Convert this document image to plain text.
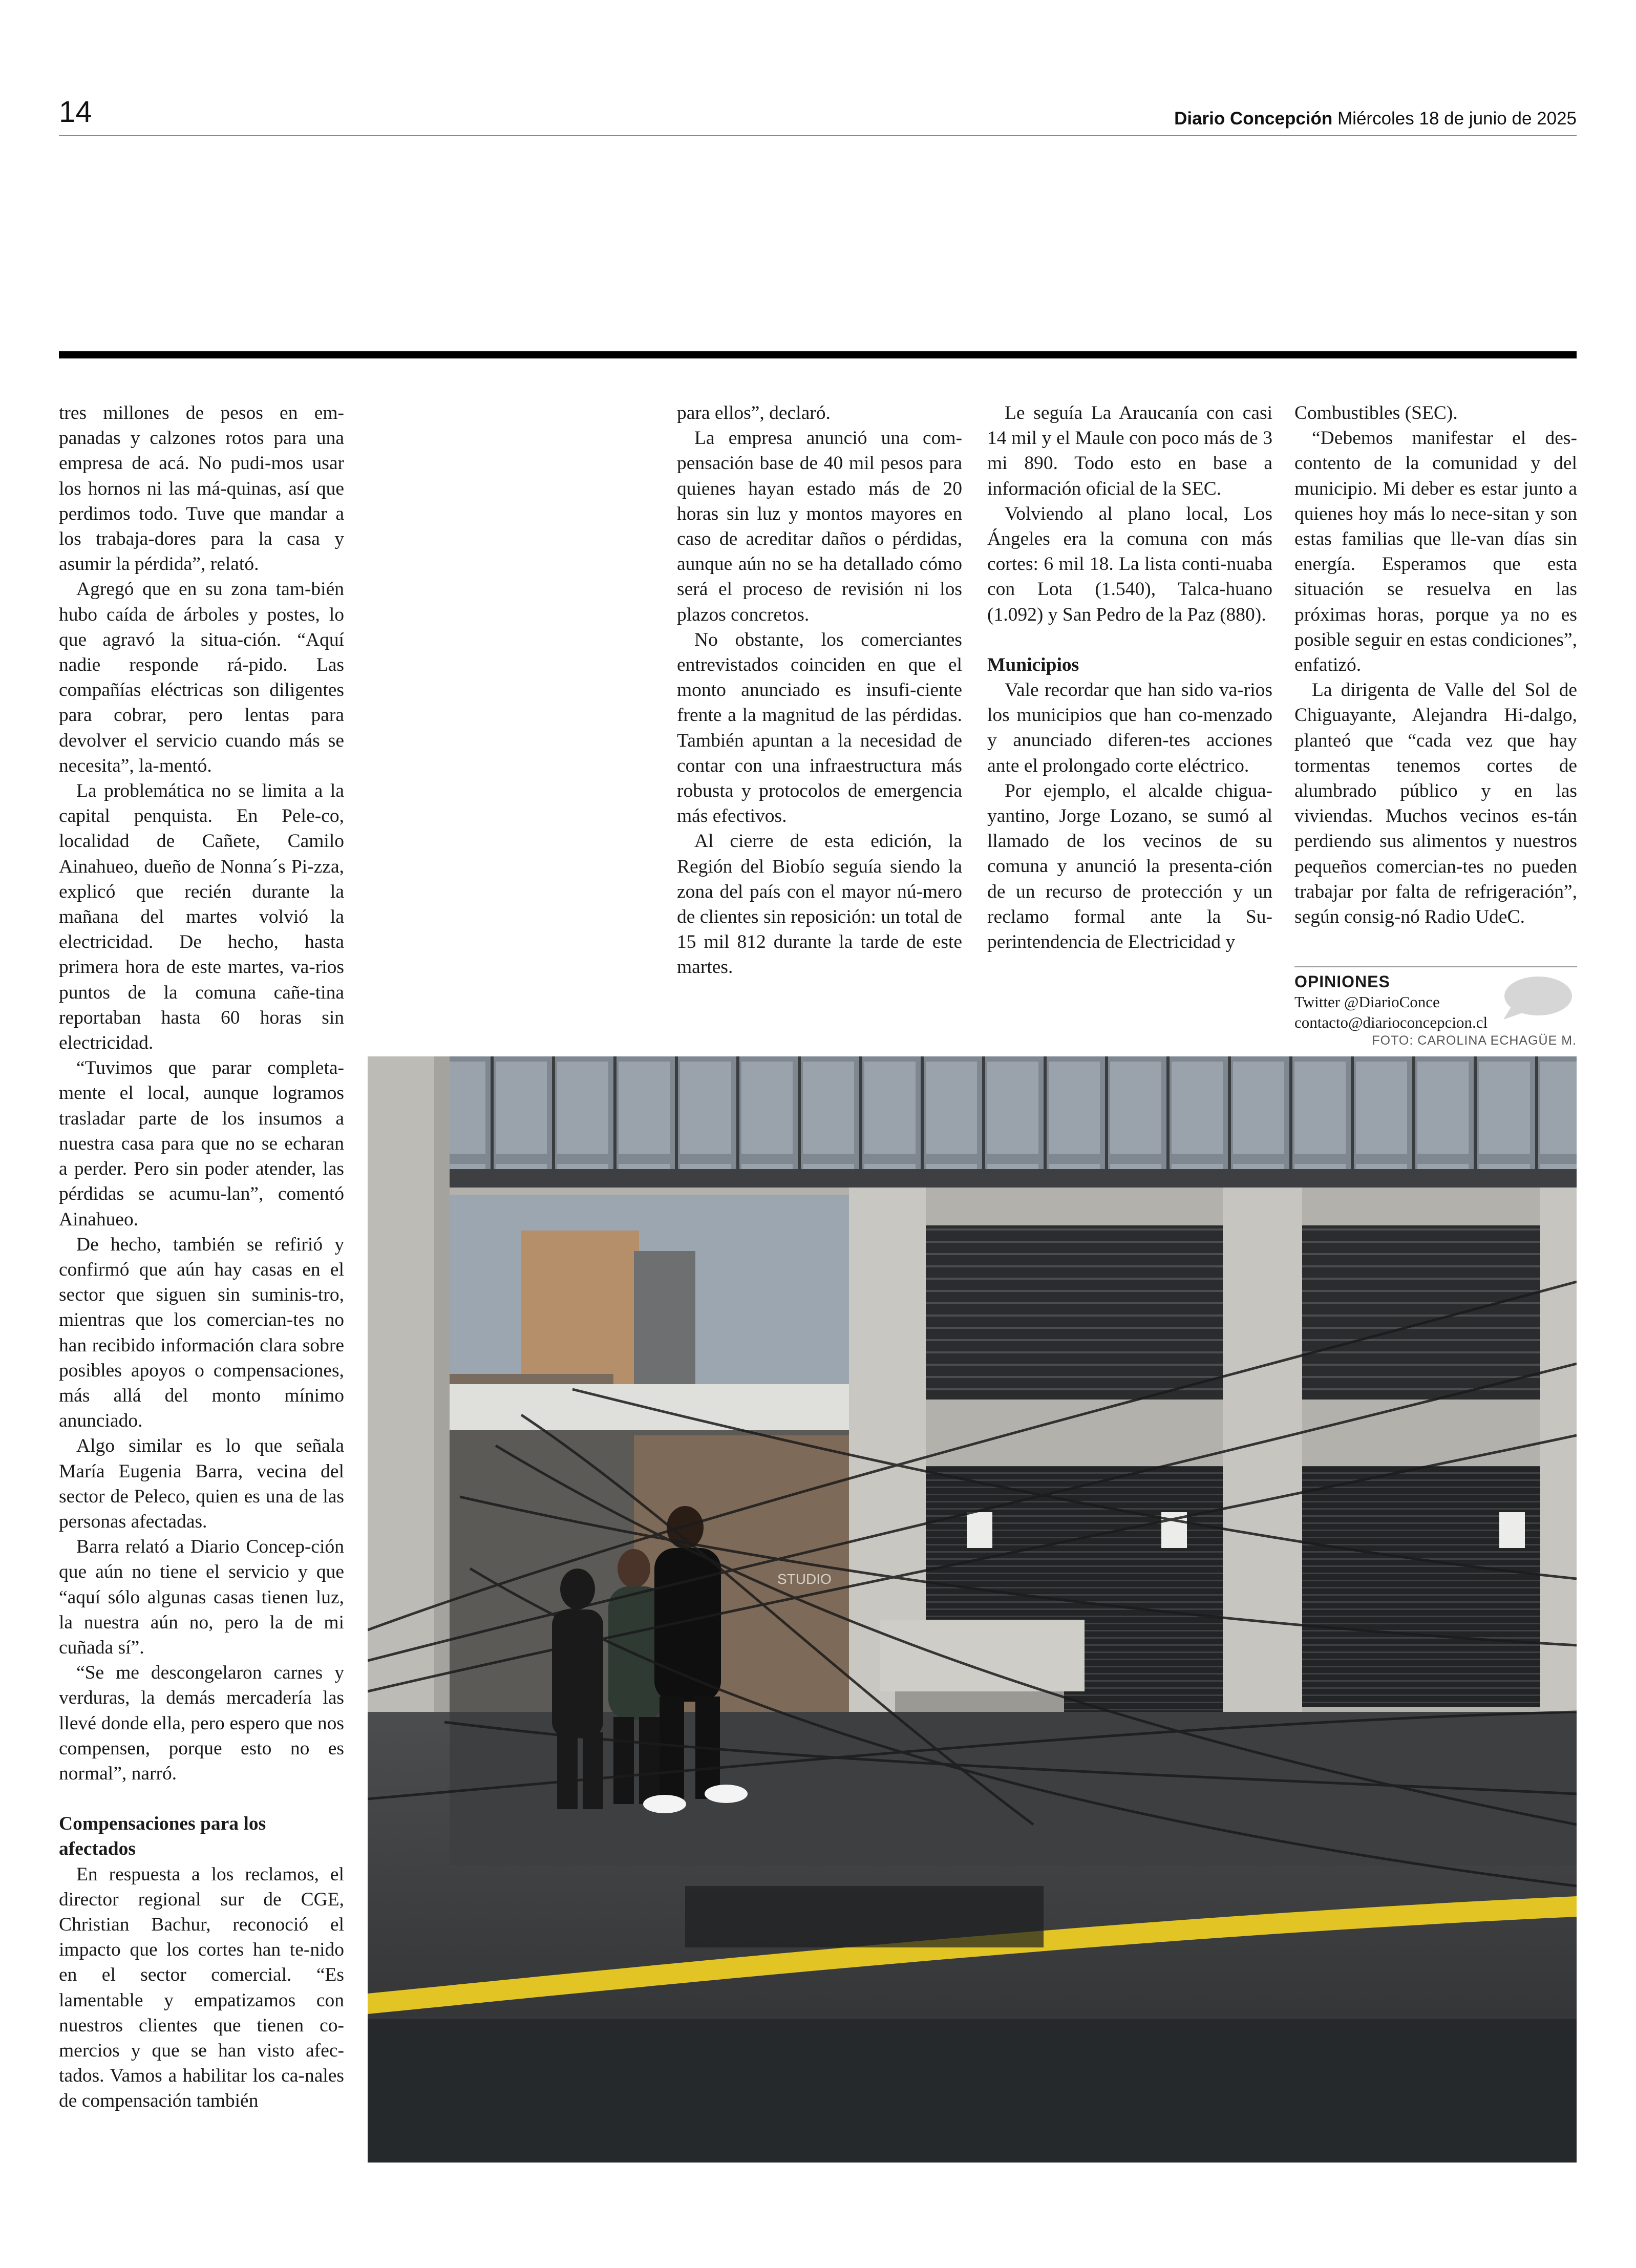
14	Diario Concepción Miércoles 18 de junio de 2025

tres millones de pesos en em- panadas y calzones rotos para una empresa de acá. No pudi-mos usar los hornos ni las má-quinas, así que perdimos todo. Tuve que mandar a los trabaja-dores para la casa y asumir la pérdida”, relató.

Agregó que en su zona tam-bién hubo caída de árboles y postes, lo que agravó la situa-ción. “Aquí nadie responde rá-pido. Las compañías eléctricas son diligentes para cobrar, pero lentas para devolver el servicio cuando más se necesita”, la-mentó.

La problemática no se limita a la capital penquista. En Pele-co, localidad de Cañete, Camilo Ainahueo, dueño de Nonna´s Pi-zza, explicó que recién durante la mañana del martes volvió la electricidad. De hecho, hasta primera hora de este martes, va-rios puntos de la comuna cañe-tina reportaban hasta 60 horas sin electricidad.

“Tuvimos que parar completa-mente el local, aunque logramos trasladar parte de los insumos a nuestra casa para que no se echaran a perder. Pero sin poder atender, las pérdidas se acumu-lan”, comentó Ainahueo.

De hecho, también se refirió y confirmó que aún hay casas en el sector que siguen sin suminis-tro, mientras que los comercian-tes no han recibido información clara sobre posibles apoyos o compensaciones, más allá del monto mínimo anunciado.

Algo similar es lo que señala María Eugenia Barra, vecina del sector de Peleco, quien es una de las personas afectadas.

Barra relató a Diario Concep-ción que aún no tiene el servicio y que “aquí sólo algunas casas tienen luz, la nuestra aún no, pero la de mi cuñada sí”.

“Se me descongelaron carnes y verduras, la demás mercadería las llevé donde ella, pero espero que nos compensen, porque esto no es normal”, narró.

Compensaciones para los afectados

En respuesta a los reclamos, el director regional sur de CGE, Christian Bachur, reconoció el impacto que los cortes han te-nido en el sector comercial. “Es lamentable y empatizamos con nuestros clientes que tienen co-mercios y que se han visto afec-tados. Vamos a habilitar los ca-nales de compensación también

para ellos”, declaró.

La empresa anunció una com-pensación base de 40 mil pesos para quienes hayan estado más de 20 horas sin luz y montos mayores en caso de acreditar daños o pérdidas, aunque aún no se ha detallado cómo será el proceso de revisión ni los plazos concretos.

No obstante, los comerciantes entrevistados coinciden en que el monto anunciado es insufi-ciente frente a la magnitud de las pérdidas. También apuntan a la necesidad de contar con una infraestructura más robusta y protocolos de emergencia más efectivos.

Al cierre de esta edición, la Región del Biobío seguía siendo la zona del país con el mayor nú-mero de clientes sin reposición: un total de 15 mil 812 durante la tarde de este martes.

Le seguía La Araucanía con casi 14 mil y el Maule con poco más de 3 mi 890. Todo esto en base a información oficial de la SEC.

Volviendo al plano local, Los Ángeles era la comuna con más cortes: 6 mil 18. La lista conti-nuaba con Lota (1.540), Talca-huano (1.092) y San Pedro de la Paz (880).

Municipios

Vale recordar que han sido va-rios los municipios que han co-menzado y anunciado diferen-tes acciones ante el prolongado corte eléctrico.

Por ejemplo, el alcalde chigua-yantino, Jorge Lozano, se sumó al llamado de los vecinos de su comuna y anunció la presenta-ción de un recurso de protección y un reclamo formal ante la Su-perintendencia de Electricidad y

Combustibles (SEC).

“Debemos manifestar el des-contento de la comunidad y del municipio. Mi deber es estar junto a quienes hoy más lo nece-sitan y son estas familias que lle-van días sin energía. Esperamos que esta situación se resuelva en las próximas horas, porque ya no es posible seguir en estas condiciones”, enfatizó.

La dirigenta de Valle del Sol de Chiguayante, Alejandra Hi-dalgo, planteó que “cada vez que hay tormentas tenemos cortes de alumbrado público y en las viviendas. Muchos vecinos es-tán perdiendo sus alimentos y nuestros pequeños comercian-tes no pueden trabajar por falta de refrigeración”, según consig-nó Radio UdeC.

OPINIONES
Twitter @DiarioConce
contacto@diarioconcepcion.cl
FOTO: CAROLINA ECHAGÜE M.
STUDIO
